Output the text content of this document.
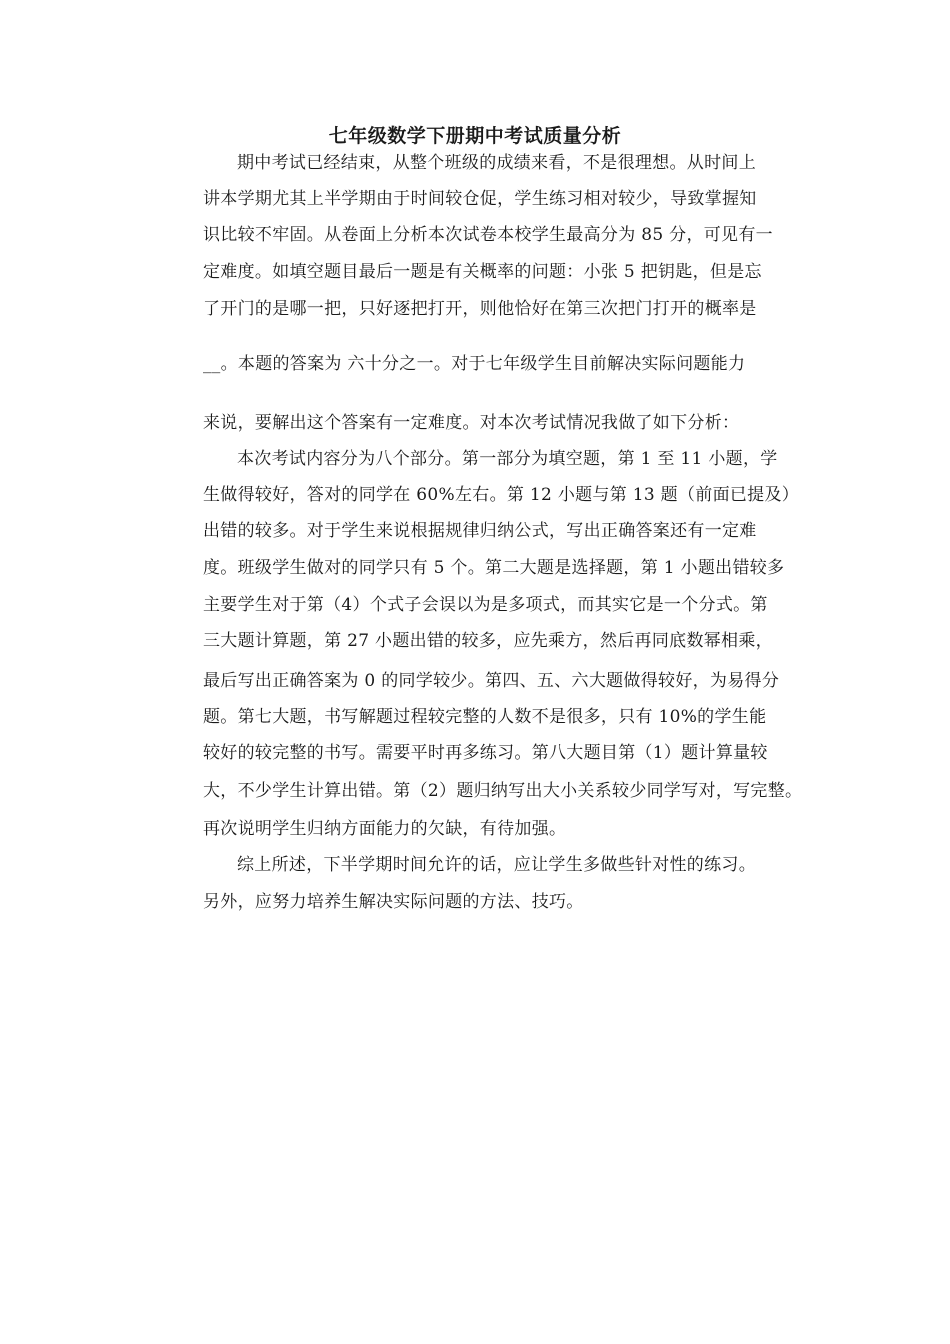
七年级数学下册期中考试质量分析
期中考试已经结束，从整个班级的成绩来看，不是很理想。从时间上
讲本学期尤其上半学期由于时间较仓促，学生练习相对较少，导致掌握知
识比较不牢固。从卷面上分析本次试卷本校学生最高分为 85 分，可见有一
定难度。如填空题目最后一题是有关概率的问题：小张 5 把钥匙，但是忘
了开门的是哪一把，只好逐把打开，则他恰好在第三次把门打开的概率是
__。本题的答案为 六十分之一。对于七年级学生目前解决实际问题能力
来说，要解出这个答案有一定难度。对本次考试情况我做了如下分析：
本次考试内容分为八个部分。第一部分为填空题，第 1 至 11 小题，学
生做得较好，答对的同学在 60%左右。第 12 小题与第 13 题（前面已提及）
出错的较多。对于学生来说根据规律归纳公式，写出正确答案还有一定难
度。班级学生做对的同学只有 5 个。第二大题是选择题，第 1 小题出错较多
主要学生对于第（4）个式子会误以为是多项式，而其实它是一个分式。第
三大题计算题，第 27 小题出错的较多，应先乘方，然后再同底数幂相乘，
最后写出正确答案为 0 的同学较少。第四、五、六大题做得较好，为易得分
题。第七大题，书写解题过程较完整的人数不是很多，只有 10%的学生能
较好的较完整的书写。需要平时再多练习。第八大题目第（1）题计算量较
大，不少学生计算出错。第（2）题归纳写出大小关系较少同学写对，写完整。
再次说明学生归纳方面能力的欠缺，有待加强。
综上所述，下半学期时间允许的话，应让学生多做些针对性的练习。
另外，应努力培养生解决实际问题的方法、技巧。
